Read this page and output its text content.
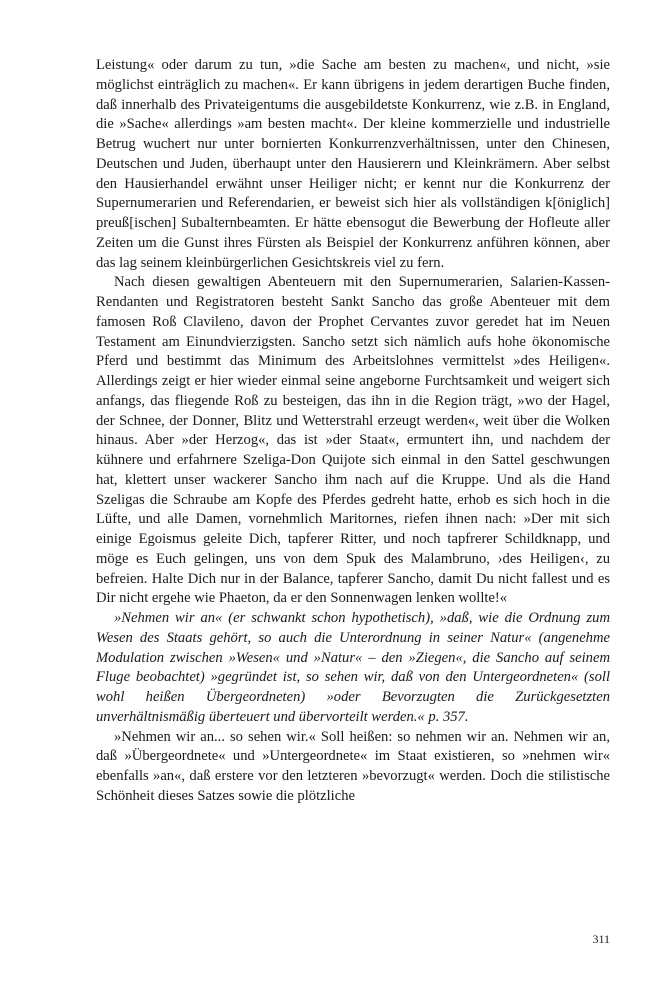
Leistung« oder darum zu tun, »die Sache am besten zu machen«, und nicht, »sie möglichst einträglich zu machen«. Er kann übrigens in jedem derartigen Buche finden, daß innerhalb des Privateigentums die ausgebildetste Konkurrenz, wie z.B. in England, die »Sache« allerdings »am besten macht«. Der kleine kommerzielle und industrielle Betrug wuchert nur unter bornierten Konkurrenzverhältnissen, unter den Chinesen, Deutschen und Juden, überhaupt unter den Hausierern und Kleinkrämern. Aber selbst den Hausierhandel erwähnt unser Heiliger nicht; er kennt nur die Konkurrenz der Supernumerarien und Referendarien, er beweist sich hier als vollständigen k[öniglich] preuß[ischen] Subalternbeamten. Er hätte ebensogut die Bewerbung der Hofleute aller Zeiten um die Gunst ihres Fürsten als Beispiel der Konkurrenz anführen können, aber das lag seinem kleinbürgerlichen Gesichtskreis viel zu fern.

Nach diesen gewaltigen Abenteuern mit den Supernumerarien, Salarien-Kassen-Rendanten und Registratoren besteht Sankt Sancho das große Abenteuer mit dem famosen Roß Clavileno, davon der Prophet Cervantes zuvor geredet hat im Neuen Testament am Einundvierzigsten. Sancho setzt sich nämlich aufs hohe ökonomische Pferd und bestimmt das Minimum des Arbeitslohnes vermittelst »des Heiligen«. Allerdings zeigt er hier wieder einmal seine angeborne Furchtsamkeit und weigert sich anfangs, das fliegende Roß zu besteigen, das ihn in die Region trägt, »wo der Hagel, der Schnee, der Donner, Blitz und Wetterstrahl erzeugt werden«, weit über die Wolken hinaus. Aber »der Herzog«, das ist »der Staat«, ermuntert ihn, und nachdem der kühnere und erfahrnere Szeliga-Don Quijote sich einmal in den Sattel geschwungen hat, klettert unser wackerer Sancho ihm nach auf die Kruppe. Und als die Hand Szeligas die Schraube am Kopfe des Pferdes gedreht hatte, erhob es sich hoch in die Lüfte, und alle Damen, vornehmlich Maritornes, riefen ihnen nach: »Der mit sich einige Egoismus geleite Dich, tapferer Ritter, und noch tapfrerer Schildknapp, und möge es Euch gelingen, uns von dem Spuk des Malambruno, ›des Heiligen‹, zu befreien. Halte Dich nur in der Balance, tapferer Sancho, damit Du nicht fallest und es Dir nicht ergehe wie Phaeton, da er den Sonnenwagen lenken wollte!«

»Nehmen wir an« (er schwankt schon hypothetisch), »daß, wie die Ordnung zum Wesen des Staats gehört, so auch die Unterordnung in seiner Natur« (angenehme Modulation zwischen »Wesen« und »Natur« – den »Ziegen«, die Sancho auf seinem Fluge beobachtet) »gegründet ist, so sehen wir, daß von den Untergeordneten« (soll wohl heißen Übergeordneten) »oder Bevorzugten die Zurückgesetzten unverhältnismäßig überteuert und übervorteilt werden.« p. 357.

»Nehmen wir an... so sehen wir.« Soll heißen: so nehmen wir an. Nehmen wir an, daß »Übergeordnete« und »Untergeordnete« im Staat existieren, so »nehmen wir« ebenfalls »an«, daß erstere vor den letzteren »bevorzugt« werden. Doch die stilistische Schönheit dieses Satzes sowie die plötzliche

311
